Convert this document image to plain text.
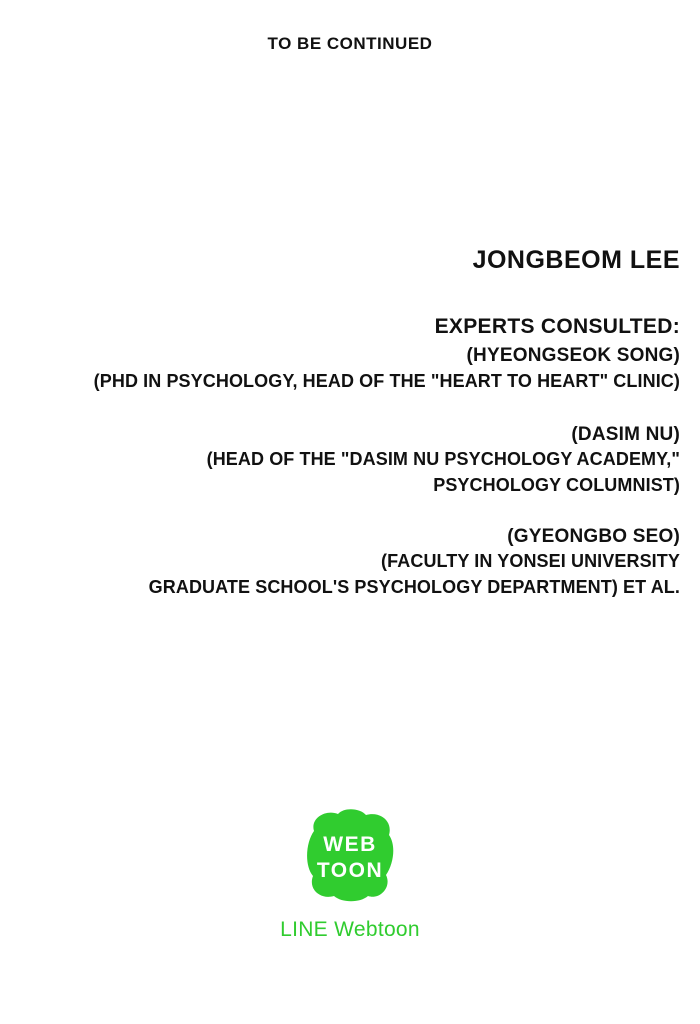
TO BE CONTINUED
JONGBEOM LEE
EXPERTS CONSULTED:
(HYEONGSEOK SONG)
(PHD IN PSYCHOLOGY, HEAD OF THE "HEART TO HEART" CLINIC)
(DASIM NU)
(HEAD OF THE "DASIM NU PSYCHOLOGY ACADEMY,"
PSYCHOLOGY COLUMNIST)
(GYEONGBO SEO)
(FACULTY IN YONSEI UNIVERSITY
GRADUATE SCHOOL'S PSYCHOLOGY DEPARTMENT) ET AL.
WEB
TOON
LINE Webtoon
